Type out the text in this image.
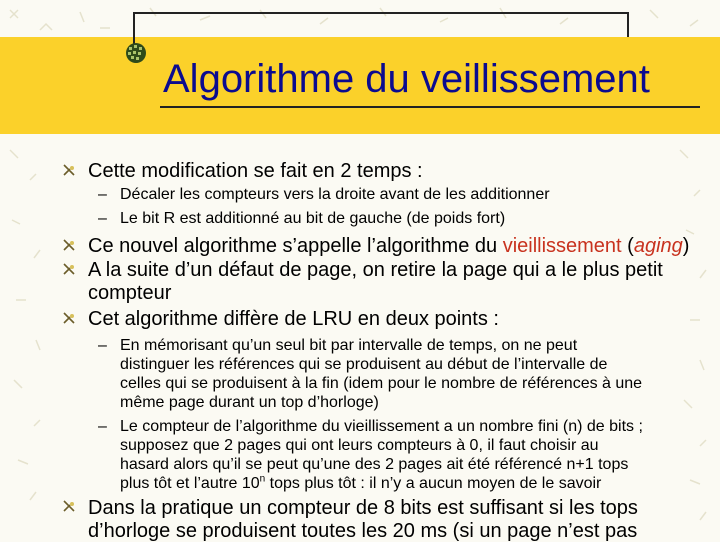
Algorithme du veillissement

Cette modification se fait en 2 temps :

– Décaler les compteurs vers la droite avant de les additionner

– Le bit R est additionné au bit de gauche (de poids fort)

Ce nouvel algorithme s’appelle l’algorithme du vieillissement (aging)

A la suite d’un défaut de page, on retire la page qui a le plus petit

compteur

Cet algorithme diffère de LRU en deux points :

– En mémorisant qu’un seul bit par intervalle de temps, on ne peut

distinguer les références qui se produisent au début de l’intervalle de

celles qui se produisent à la fin (idem pour le nombre de références à une

même page durant un top d’horloge)

– Le compteur de l’algorithme du vieillissement a un nombre fini (n) de bits ;

supposez que 2 pages qui ont leurs compteurs à 0, il faut choisir au

hasard alors qu’il se peut qu’une des 2 pages ait été référencé n+1 tops

plus tôt et l’autre 10$^n$ tops plus tôt : il n’y a aucun moyen de le savoir

Dans la pratique un compteur de 8 bits est suffisant si les tops

d’horloge se produisent toutes les 20 ms (si un page n’est pas
